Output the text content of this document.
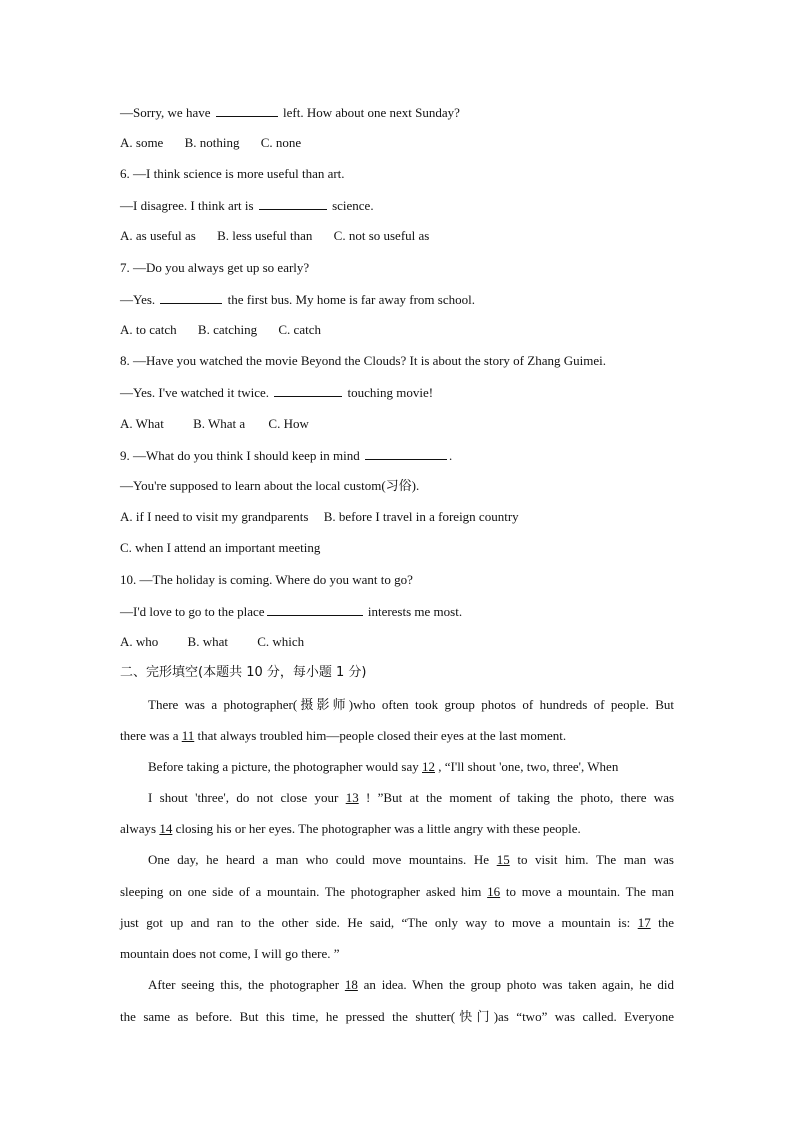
—Sorry, we have	left. How about one next Sunday?
A. some B. nothing C. none
6. —I think science is more useful than art.
—I disagree. I think art is	science.
A. as useful as B. less useful than C. not so useful as
7. —Do you always get up so early?
—Yes.	the first bus. My home is far away from school.
A. to catch B. catching C. catch
8. —Have you watched the movie Beyond the Clouds? It is about the story of Zhang Guimei.
—Yes. I've watched it twice.	touching movie!
A. What B. What a C. How
9. —What do you think I should keep in mind	.
—You're supposed to learn about the local custom(习俗).
A. if I need to visit my grandparents B. before I travel in a foreign country
C. when I attend an important meeting
10. —The holiday is coming. Where do you want to go?
—I'd love to go to the place	interests me most.
A. who B. what C. which
二、完形填空(本题共 10 分，每小题 1 分)
There was a photographer(摄影师)who often took group photos of hundreds of people. But
there was a 11 that always troubled him—people closed their eyes at the last moment.
Before taking a picture, the photographer would say 12 , “I'll shout 'one, two, three', When
I shout 'three', do not close your 13 ! ”But at the moment of taking the photo, there was
always 14 closing his or her eyes. The photographer was a little angry with these people.
One day, he heard a man who could move mountains. He 15 to visit him. The man was
sleeping on one side of a mountain. The photographer asked him 16 to move a mountain. The man
just got up and ran to the other side. He said, “The only way to move a mountain is: 17 the
mountain does not come, I will go there. ”
After seeing this, the photographer 18 an idea. When the group photo was taken again, he did
the same as before. But this time, he pressed the shutter(快门)as “two” was called. Everyone
